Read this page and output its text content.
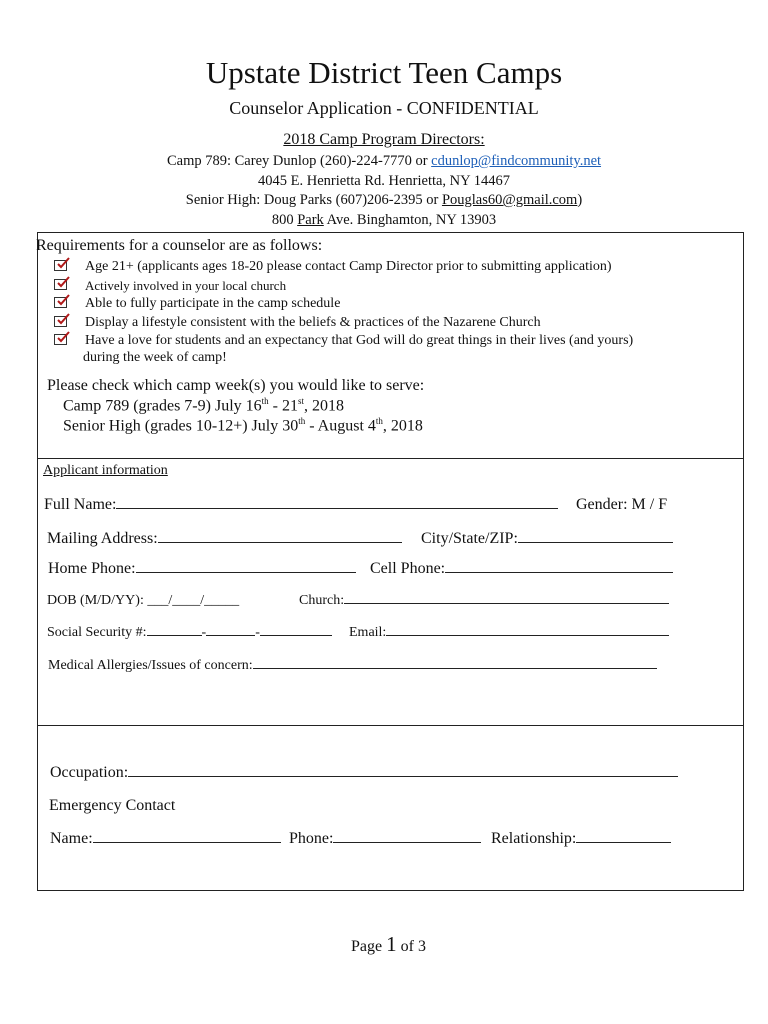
Upstate District Teen Camps
Counselor Application - CONFIDENTIAL
2018 Camp Program Directors:
Camp 789: Carey Dunlop (260)-224-7770 or cdunlop@findcommunity.net
4045 E. Henrietta Rd. Henrietta, NY 14467
Senior High: Doug Parks (607)206-2395 or Pouglas60@gmail.com)
800 Park Ave. Binghamton, NY 13903
Requirements for a counselor are as follows:
Age 21+ (applicants ages 18-20 please contact Camp Director prior to submitting application)
Actively involved in your local church
Able to fully participate in the camp schedule
Display a lifestyle consistent with the beliefs & practices of the Nazarene Church
Have a love for students and an expectancy that God will do great things in their lives (and yours)
during the week of camp!
Please check which camp week(s) you would like to serve:
Camp 789 (grades 7-9) July 16th - 21st, 2018
Senior High (grades 10-12+) July 30th - August 4th, 2018
Applicant information
Full Name:	Gender: M / F
Mailing Address:	City/State/ZIP:
Home Phone:	Cell Phone:
DOB (M/D/YY): ___/____/_____	Church:
Social Security #:	-	-	Email:
Medical Allergies/Issues of concern:
Occupation:
Emergency Contact
Name:	Phone:	Relationship:
Page 1 of 3
